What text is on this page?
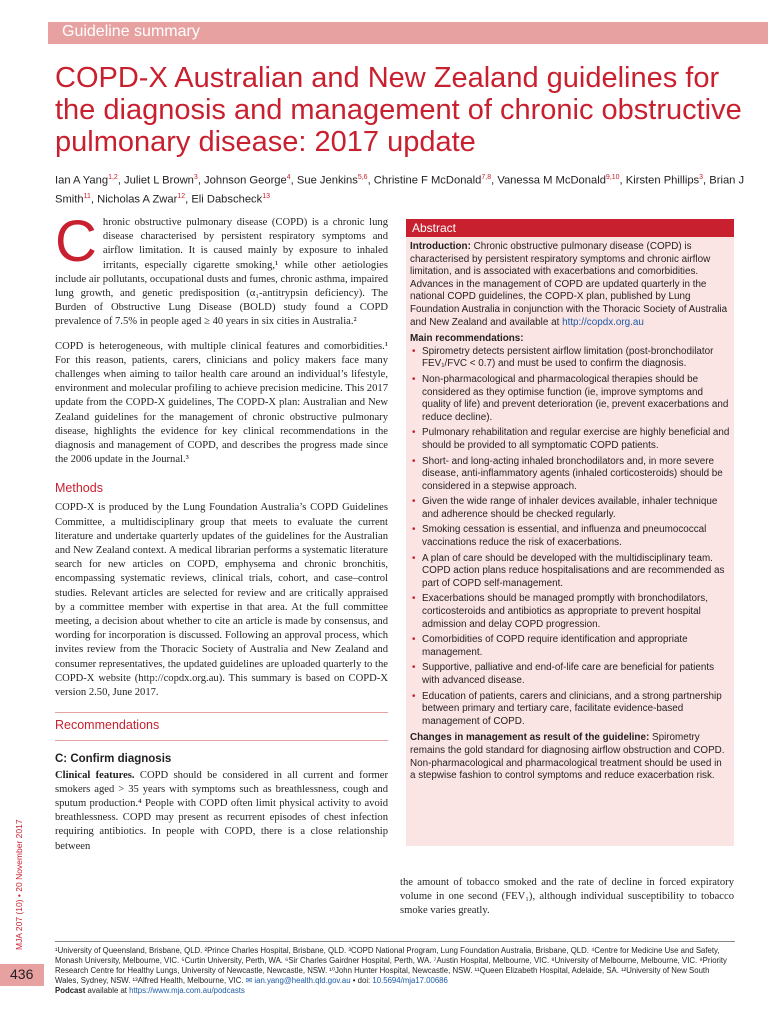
Guideline summary
COPD-X Australian and New Zealand guidelines for the diagnosis and management of chronic obstructive pulmonary disease: 2017 update
Ian A Yang$^{1,2}$, Juliet L Brown$^3$, Johnson George$^4$, Sue Jenkins$^{5,6}$, Christine F McDonald$^{7,8}$, Vanessa M McDonald$^{9,10}$, Kirsten Phillips$^3$, Brian J Smith$^{11}$, Nicholas A Zwar$^{12}$, Eli Dabscheck$^{13}$

Chronic obstructive pulmonary disease (COPD) is a chronic lung disease characterised by persistent respiratory symptoms and airflow limitation. It is caused mainly by exposure to inhaled irritants, especially cigarette smoking,¹ while other aetiologies include air pollutants, occupational dusts and fumes, chronic asthma, impaired lung growth, and genetic predisposition (α₁-antitrypsin deficiency). The Burden of Obstructive Lung Disease (BOLD) study found a COPD prevalence of 7.5% in people aged ≥ 40 years in six cities in Australia.²

COPD is heterogeneous, with multiple clinical features and comorbidities.¹ For this reason, patients, carers, clinicians and policy makers face many challenges when aiming to tailor health care around an individual’s lifestyle, environment and molecular profiling to achieve precision medicine. This 2017 update from the COPD-X guidelines, The COPD-X plan: Australian and New Zealand guidelines for the management of chronic obstructive pulmonary disease, highlights the evidence for key clinical recommendations in the diagnosis and management of COPD, and describes the progress made since the 2006 update in the Journal.³

Methods

COPD-X is produced by the Lung Foundation Australia’s COPD Guidelines Committee, a multidisciplinary group that meets to evaluate the current literature and undertake quarterly updates of the guidelines for the Australian and New Zealand context. A medical librarian performs a systematic literature search for new articles on COPD, emphysema and chronic bronchitis, encompassing systematic reviews, clinical trials, cohort, and case–control studies. Relevant articles are selected for review and are critically appraised by a committee member with expertise in that area. At the full committee meeting, a decision about whether to cite an article is made by consensus, and wording for incorporation is discussed. Following an approval process, which invites review from the Thoracic Society of Australia and New Zealand and consumer representatives, the updated guidelines are uploaded quarterly to the COPD-X website (http://copdx.org.au). This summary is based on COPD-X version 2.50, June 2017.

Recommendations
C: Confirm diagnosis

Clinical features. COPD should be considered in all current and former smokers aged > 35 years with symptoms such as breathlessness, cough and sputum production.⁴ People with COPD often limit physical activity to avoid breathlessness. COPD may present as recurrent episodes of chest infection requiring antibiotics. In people with COPD, there is a close relationship between

Abstract
Introduction: Chronic obstructive pulmonary disease (COPD) is characterised by persistent respiratory symptoms and chronic airflow limitation, and is associated with exacerbations and comorbidities. Advances in the management of COPD are updated quarterly in the national COPD guidelines, the COPD-X plan, published by Lung Foundation Australia in conjunction with the Thoracic Society of Australia and New Zealand and available at http://copdx.org.au
Main recommendations:
• Spirometry detects persistent airflow limitation (post-bronchodilator FEV₁/FVC < 0.7) and must be used to confirm the diagnosis.
• Non-pharmacological and pharmacological therapies should be considered as they optimise function (ie, improve symptoms and quality of life) and prevent deterioration (ie, prevent exacerbations and reduce decline).
• Pulmonary rehabilitation and regular exercise are highly beneficial and should be provided to all symptomatic COPD patients.
• Short- and long-acting inhaled bronchodilators and, in more severe disease, anti-inflammatory agents (inhaled corticosteroids) should be considered in a stepwise approach.
• Given the wide range of inhaler devices available, inhaler technique and adherence should be checked regularly.
• Smoking cessation is essential, and influenza and pneumococcal vaccinations reduce the risk of exacerbations.
• A plan of care should be developed with the multidisciplinary team. COPD action plans reduce hospitalisations and are recommended as part of COPD self-management.
• Exacerbations should be managed promptly with bronchodilators, corticosteroids and antibiotics as appropriate to prevent hospital admission and delay COPD progression.
• Comorbidities of COPD require identification and appropriate management.
• Supportive, palliative and end-of-life care are beneficial for patients with advanced disease.
• Education of patients, carers and clinicians, and a strong partnership between primary and tertiary care, facilitate evidence-based management of COPD.
Changes in management as result of the guideline: Spirometry remains the gold standard for diagnosing airflow obstruction and COPD. Non-pharmacological and pharmacological treatment should be used in a stepwise fashion to control symptoms and reduce exacerbation risk.
the amount of tobacco smoked and the rate of decline in forced expiratory volume in one second (FEV₁), although individual susceptibility to tobacco smoke varies greatly.
¹University of Queensland, Brisbane, QLD. ²Prince Charles Hospital, Brisbane, QLD. ³COPD National Program, Lung Foundation Australia, Brisbane, QLD. ⁴Centre for Medicine Use and Safety, Monash University, Melbourne, VIC. ⁵Curtin University, Perth, WA. ⁶Sir Charles Gairdner Hospital, Perth, WA. ⁷Austin Hospital, Melbourne, VIC. ⁸University of Melbourne, Melbourne, VIC. ⁹Priority Research Centre for Healthy Lungs, University of Newcastle, Newcastle, NSW. ¹⁰John Hunter Hospital, Newcastle, NSW. ¹¹Queen Elizabeth Hospital, Adelaide, SA. ¹²University of New South Wales, Sydney, NSW. ¹³Alfred Health, Melbourne, VIC. ✉ ian.yang@health.qld.gov.au • doi: 10.5694/mja17.00686
Podcast available at https://www.mja.com.au/podcasts
436
MJA 207 (10) • 20 November 2017
